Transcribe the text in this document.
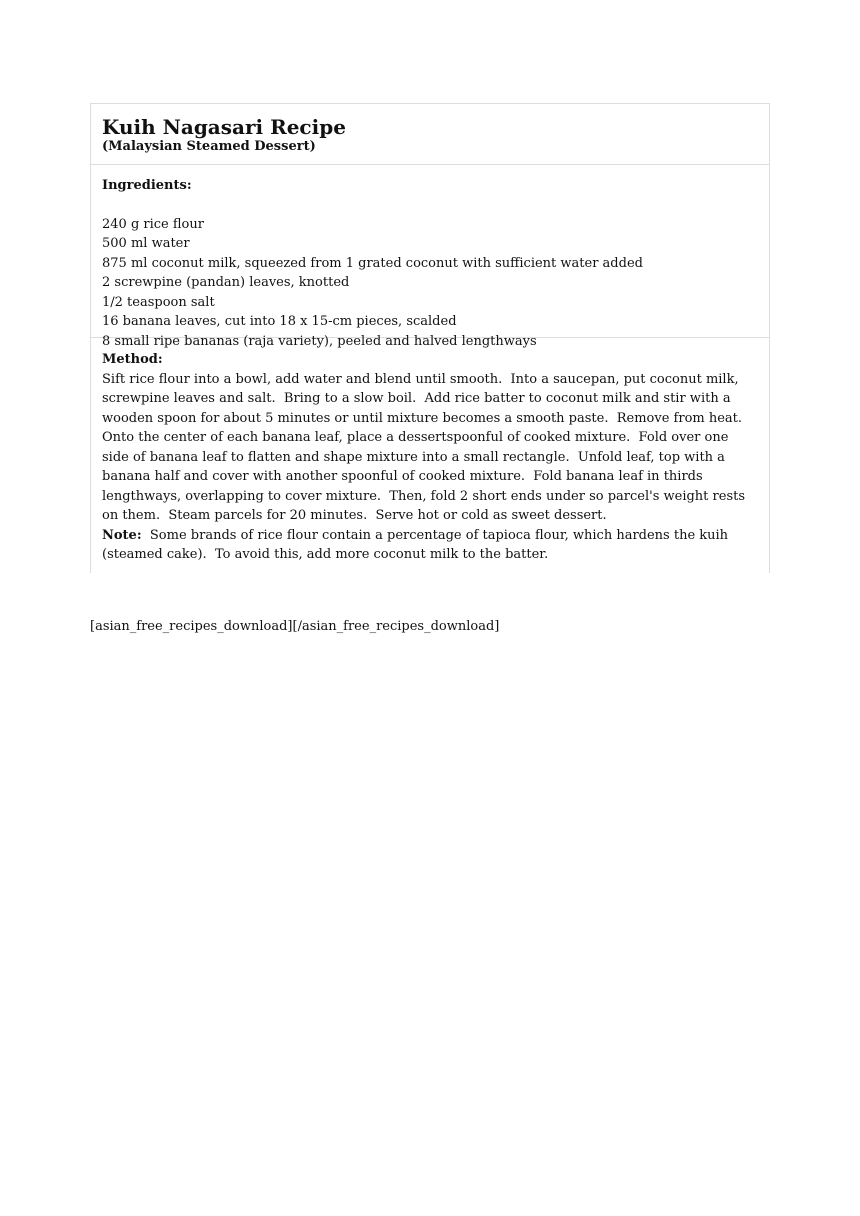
Kuih Nagasari Recipe

(Malaysian Steamed Dessert)

Ingredients:

240 g rice flour
500 ml water
875 ml coconut milk, squeezed from 1 grated coconut with sufficient water added
2 screwpine (pandan) leaves, knotted
1/2 teaspoon salt
16 banana leaves, cut into 18 x 15-cm pieces, scalded
8 small ripe bananas (raja variety), peeled and halved lengthways

Method:

Sift rice flour into a bowl, add water and blend until smooth.  Into a saucepan, put coconut milk, screwpine leaves and salt.  Bring to a slow boil.  Add rice batter to coconut milk and stir with a wooden spoon for about 5 minutes or until mixture becomes a smooth paste.  Remove from heat.  Onto the center of each banana leaf, place a dessertspoonful of cooked mixture.  Fold over one side of banana leaf to flatten and shape mixture into a small rectangle.  Unfold leaf, top with a banana half and cover with another spoonful of cooked mixture.  Fold banana leaf in thirds lengthways, overlapping to cover mixture.  Then, fold 2 short ends under so parcel's weight rests on them.  Steam parcels for 20 minutes.  Serve hot or cold as sweet dessert.

Note: Some brands of rice flour contain a percentage of tapioca flour, which hardens the kuih (steamed cake).  To avoid this, add more coconut milk to the batter.

[asian_free_recipes_download][/asian_free_recipes_download]
